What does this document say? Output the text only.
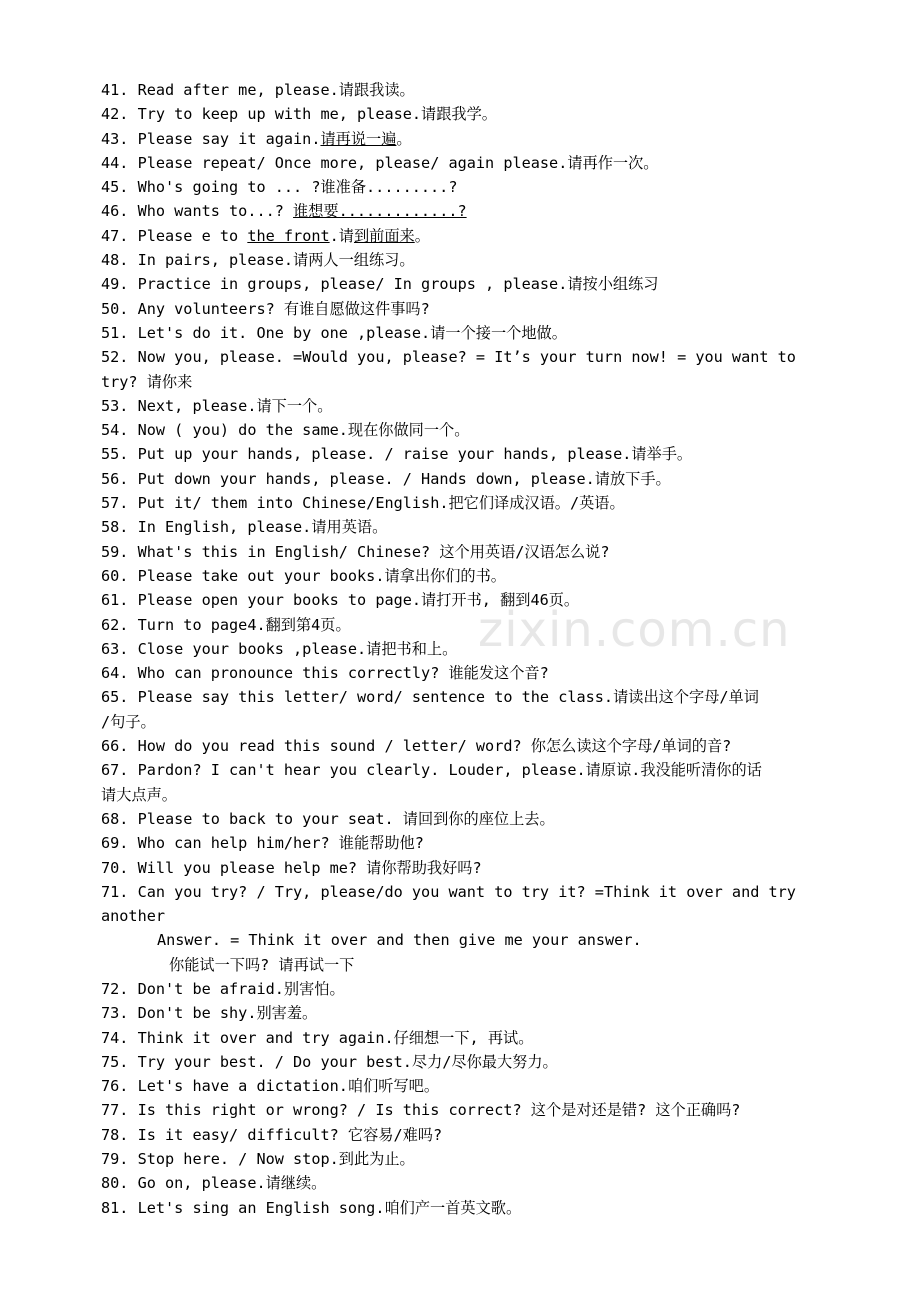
41. Read after me, please.请跟我读。
42. Try to keep up with me, please.请跟我学。
43. Please say it again.请再说一遍。
44. Please repeat/ Once more, please/ again please.请再作一次。
45. Who's going to ... ?谁准备.........?
46. Who wants to...? 谁想要.............?
47. Please e to the front.请到前面来。
48. In pairs, please.请两人一组练习。
49. Practice in groups, please/ In groups , please.请按小组练习
50. Any volunteers? 有谁自愿做这件事吗?
51. Let's do it. One by one ,please.请一个接一个地做。
52. Now you, please. =Would you, please? = It’s your turn now! = you want to
try? 请你来
53. Next, please.请下一个。
54. Now ( you) do the same.现在你做同一个。
55. Put up your hands, please. / raise your hands, please.请举手。
56. Put down your hands, please. / Hands down, please.请放下手。
57. Put it/ them into Chinese/English.把它们译成汉语。/英语。
58. In English, please.请用英语。
59. What's this in English/ Chinese? 这个用英语/汉语怎么说?
60. Please take out your books.请拿出你们的书。
61. Please open your books to page.请打开书, 翻到46页。
62. Turn to page4.翻到第4页。
63. Close your books ,please.请把书和上。
64. Who can pronounce this correctly? 谁能发这个音?
65. Please say this letter/ word/ sentence to the class.请读出这个字母/单词
/句子。
66. How do you read this sound / letter/ word? 你怎么读这个字母/单词的音?
67. Pardon? I can't hear you clearly. Louder, please.请原谅.我没能听清你的话
请大点声。
68. Please to back to your seat. 请回到你的座位上去。
69. Who can help him/her? 谁能帮助他?
70. Will you please help me? 请你帮助我好吗?
71. Can you try? / Try, please/do you want to try it? =Think it over and try
another
Answer. = Think it over and then give me your answer.
你能试一下吗? 请再试一下
72. Don't be afraid.别害怕。
73. Don't be shy.别害羞。
74. Think it over and try again.仔细想一下, 再试。
75. Try your best. / Do your best.尽力/尽你最大努力。
76. Let's have a dictation.咱们听写吧。
77. Is this right or wrong? / Is this correct? 这个是对还是错? 这个正确吗?
78. Is it easy/ difficult? 它容易/难吗?
79. Stop here. / Now stop.到此为止。
80. Go on, please.请继续。
81. Let's sing an English song.咱们产一首英文歌。
zixin.com.cn
